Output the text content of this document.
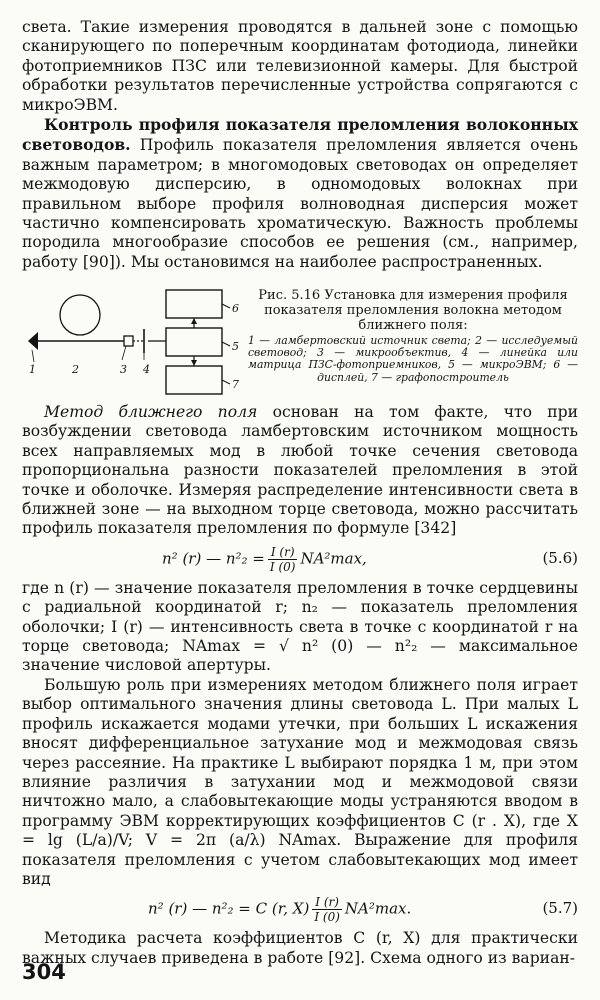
света. Такие измерения проводятся в дальней зоне с помощью сканирующего по поперечным координатам фотодиода, линейки фотоприемников ПЗС или телевизионной камеры. Для быстрой обработки результатов перечисленные устройства сопрягаются с микроЭВМ.

Контроль профиля показателя преломления волоконных световодов. Профиль показателя преломления является очень важным параметром; в многомодовых световодах он определяет межмодовую дисперсию, в одномодовых волокнах при правильном выборе профиля волноводная дисперсия может частично компенсировать хроматическую. Важность проблемы породила многообразие способов ее решения (см., например, работу [90]). Мы остановимся на наиболее распространенных.

1	2	3 4
5
6
7
Рис. 5.16 Установка для измерения профиля показателя преломления волокна методом ближнего поля:
1 — ламбертовский источник света; 2 — исследуемый световод; 3 — микрообъектив, 4 — линейка или матрица ПЗС-фотоприемников, 5 — микроЭВМ; 6 — дисплей, 7 — графопостроитель

Метод ближнего поля основан на том факте, что при возбуждении световода ламбертовским источником мощность всех направляемых мод в любой точке сечения световода пропорциональна разности показателей преломления в этой точке и оболочке. Измеряя распределение интенсивности света в ближней зоне — на выходном торце световода, можно рассчитать профиль показателя преломления по формуле [342]

n² (r) — $n^2_2 = \frac{I (r)}{I (0)} NA^2\max$,	(5.6)

где n (r) — значение показателя преломления в точке сердцевины с радиальной координатой r; n₂ — показатель преломления оболочки; I (r) — интенсивность света в точке с координатой r на торце световода; NAmax = √ n² (0) — n²₂ — максимальное значение числовой апертуры.

Большую роль при измерениях методом ближнего поля играет выбор оптимального значения длины световода L. При малых L профиль искажается модами утечки, при больших L искажения вносят дифференциальное затухание мод и межмодовая связь через рассеяние. На практике L выбирают порядка 1 м, при этом влияние различия в затухании мод и межмодовой связи ничтожно мало, а слабовытекающие моды устраняются вводом в программу ЭВМ корректирующих коэффициентов C (r . X), где X = lg (L/a)/V; V = 2π (a/λ) NAmax. Выражение для профиля показателя преломления с учетом слабовытекающих мод имеет вид

n² (r) — n²₂ = C (r, $X) \frac{I (r)}{I (0)} NA^2\max$.	(5.7)

Методика расчета коэффициентов C (r, X) для практически важных случаев приведена в работе [92]. Схема одного из вариан-

304
